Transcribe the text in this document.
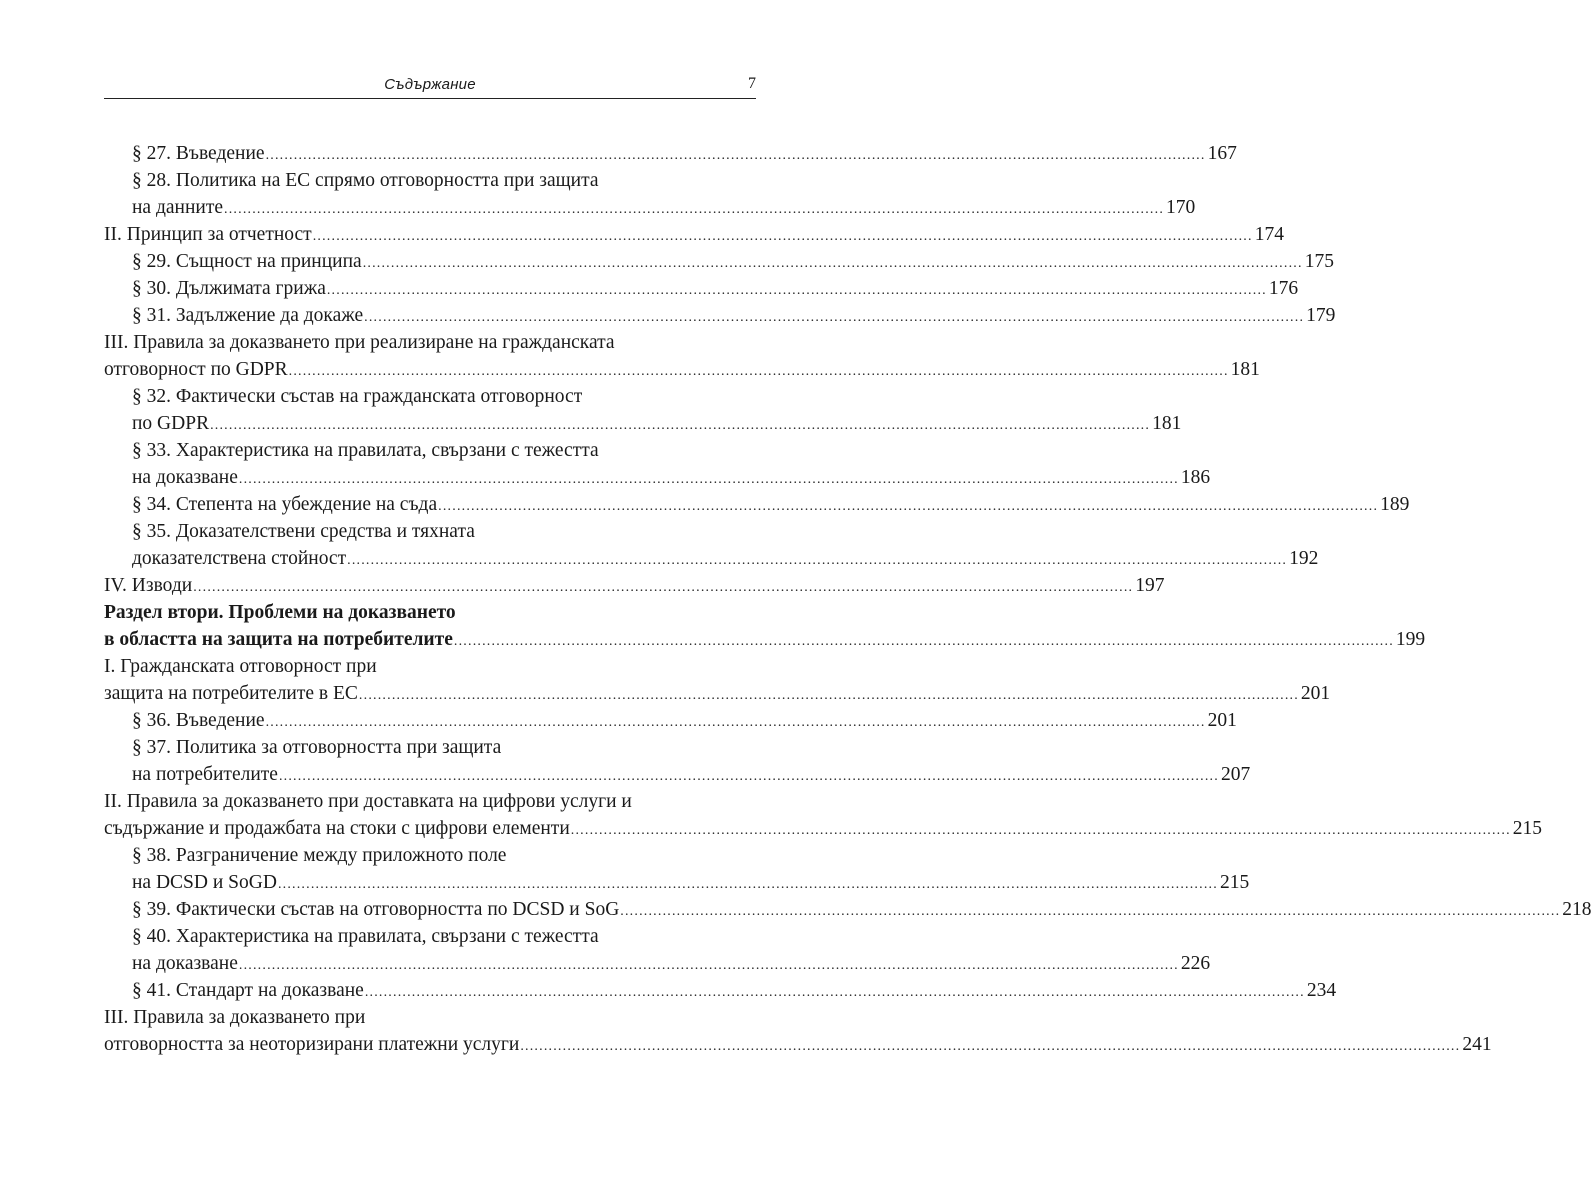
Съдържание	7
§ 27. Въведение ........................................................................................................................................................................................................ 167
§ 28. Политика на ЕС спрямо отговорността при защита
на данните ........................................................................................................................................................................................................ 170
II. Принцип за отчетност ........................................................................................................................................................................................................ 174
§ 29. Същност на принципа ........................................................................................................................................................................................................ 175
§ 30. Дължимата грижа ........................................................................................................................................................................................................ 176
§ 31. Задължение да докаже ........................................................................................................................................................................................................ 179
III. Правила за доказването при реализиране на гражданската
отговорност по GDPR ........................................................................................................................................................................................................ 181
§ 32. Фактически състав на гражданската отговорност
по GDPR ........................................................................................................................................................................................................ 181
§ 33. Характеристика на правилата, свързани с тежестта
на доказване ........................................................................................................................................................................................................ 186
§ 34. Степента на убеждение на съда ........................................................................................................................................................................................................ 189
§ 35. Доказателствени средства и тяхната
доказателствена стойност ........................................................................................................................................................................................................ 192
IV. Изводи ........................................................................................................................................................................................................ 197
Раздел втори. Проблеми на доказването
в областта на защита на потребителите ........................................................................................................................................................................................................ 199
I. Гражданската отговорност при
защита на потребителите в ЕС ........................................................................................................................................................................................................ 201
§ 36. Въведение ........................................................................................................................................................................................................ 201
§ 37. Политика за отговорността при защита
на потребителите ........................................................................................................................................................................................................ 207
II. Правила за доказването при доставката на цифрови услуги и
съдържание и продажбата на стоки с цифрови елементи ........................................................................................................................................................................................................ 215
§ 38. Разграничение между приложното поле
на DCSD и SoGD ........................................................................................................................................................................................................ 215
§ 39. Фактически състав на отговорността по DCSD и SoG ........................................................................................................................................................................................................ 218
§ 40. Характеристика на правилата, свързани с тежестта
на доказване ........................................................................................................................................................................................................ 226
§ 41. Стандарт на доказване ........................................................................................................................................................................................................ 234
III. Правила за доказването при
отговорността за неоторизирани платежни услуги ........................................................................................................................................................................................................ 241
